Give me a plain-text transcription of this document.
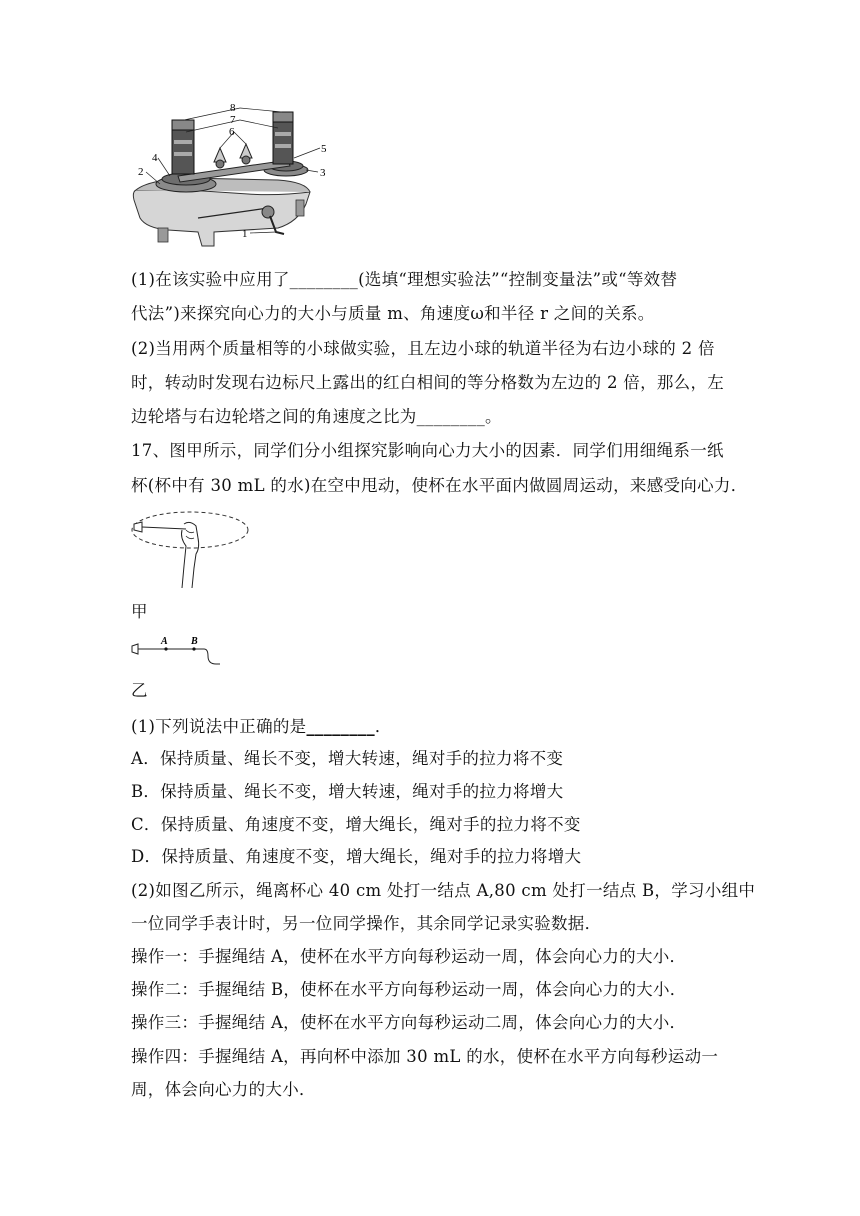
8
7
6
5
4
3
2
1
(1)在该实验中应用了________(选填“理想实验法”“控制变量法”或“等效替
代法”)来探究向心力的大小与质量 m、角速度ω和半径 r 之间的关系。
(2)当用两个质量相等的小球做实验，且左边小球的轨道半径为右边小球的 2 倍
时，转动时发现右边标尺上露出的红白相间的等分格数为左边的 2 倍，那么，左
边轮塔与右边轮塔之间的角速度之比为________。
17、图甲所示，同学们分小组探究影响向心力大小的因素．同学们用细绳系一纸
杯(杯中有 30 mL 的水)在空中甩动，使杯在水平面内做圆周运动，来感受向心力．
甲
A B
乙
(1)下列说法中正确的是________．
A．保持质量、绳长不变，增大转速，绳对手的拉力将不变
B．保持质量、绳长不变，增大转速，绳对手的拉力将增大
C．保持质量、角速度不变，增大绳长，绳对手的拉力将不变
D．保持质量、角速度不变，增大绳长，绳对手的拉力将增大
(2)如图乙所示，绳离杯心 40 cm 处打一结点 A,80 cm 处打一结点 B，学习小组中
一位同学手表计时，另一位同学操作，其余同学记录实验数据．
操作一：手握绳结 A，使杯在水平方向每秒运动一周，体会向心力的大小．
操作二：手握绳结 B，使杯在水平方向每秒运动一周，体会向心力的大小．
操作三：手握绳结 A，使杯在水平方向每秒运动二周，体会向心力的大小．
操作四：手握绳结 A，再向杯中添加 30 mL 的水，使杯在水平方向每秒运动一
周，体会向心力的大小．
